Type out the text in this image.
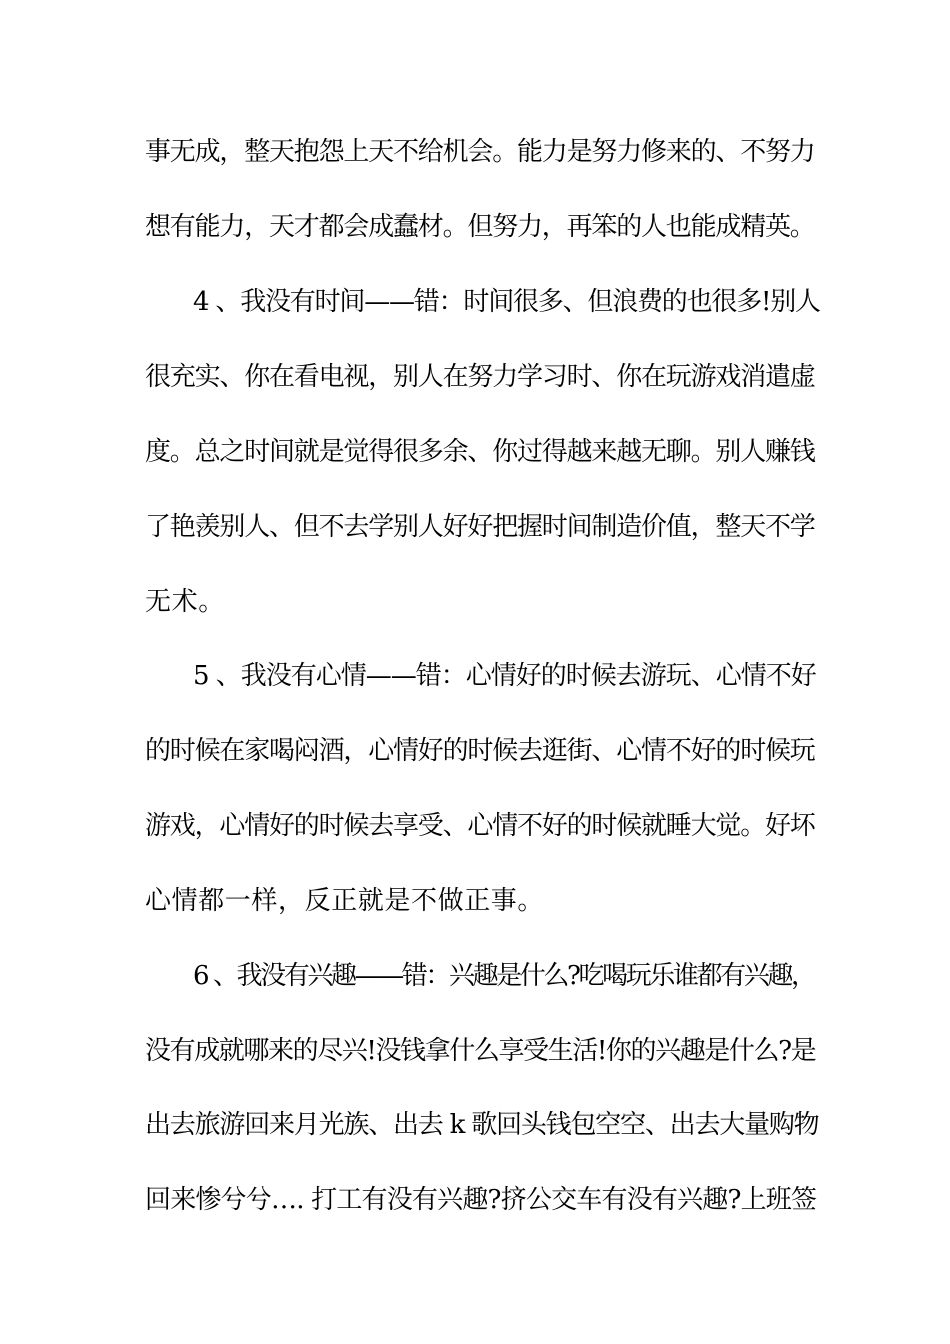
事无成，整天抱怨上天不给机会。能力是努力修来的、不努力
想有能力，天才都会成蠢材。但努力，再笨的人也能成精英。
4 、我没有时间——错：时间很多、但浪费的也很多!别人
很充实、你在看电视，别人在努力学习时、你在玩游戏消遣虚
度。总之时间就是觉得很多余、你过得越来越无聊。别人赚钱
了艳羡别人、但不去学别人好好把握时间制造价值，整天不学
无术。
5 、我没有心情——错：心情好的时候去游玩、心情不好
的时候在家喝闷酒，心情好的时候去逛街、心情不好的时候玩
游戏，心情好的时候去享受、心情不好的时候就睡大觉。好坏
心情都一样，反正就是不做正事。
6 、我没有兴趣——错：兴趣是什么?吃喝玩乐谁都有兴趣，
没有成就哪来的尽兴!没钱拿什么享受生活!你的兴趣是什么?是
出去旅游回来月光族、出去 k 歌回头钱包空空、出去大量购物
回来惨兮兮…. 打工有没有兴趣?挤公交车有没有兴趣?上班签
